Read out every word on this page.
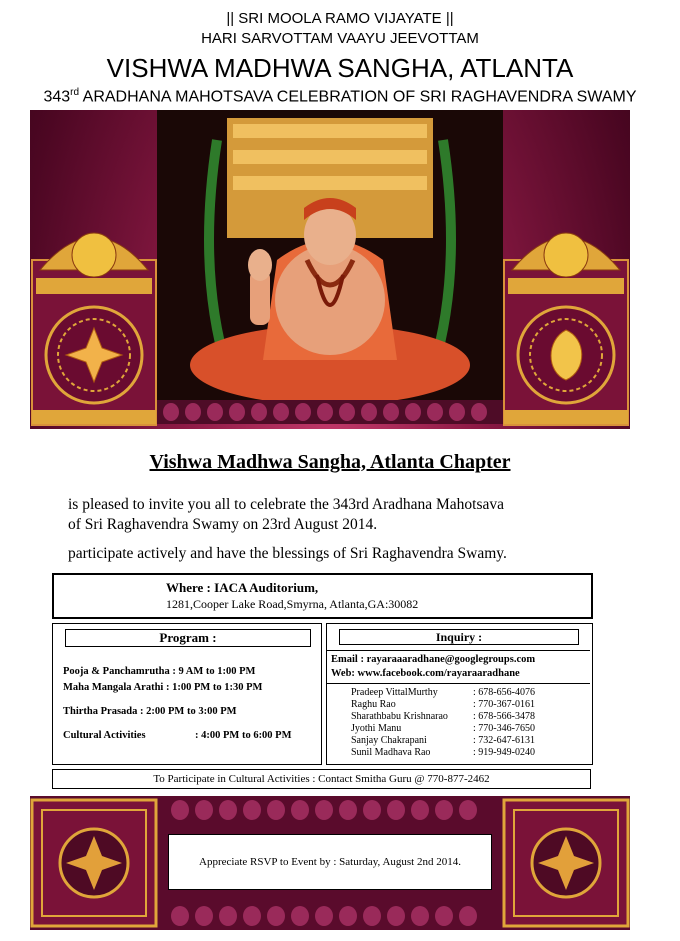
|| SRI MOOLA RAMO VIJAYATE ||
HARI SARVOTTAM VAAYU JEEVOTTAM
VISHWA MADHWA SANGHA, ATLANTA
343rd ARADHANA MAHOTSAVA CELEBRATION OF SRI RAGHAVENDRA SWAMY
Vishwa Madhwa Sangha, Atlanta Chapter
is pleased to invite you all to celebrate the 343rd Aradhana Mahotsava
of Sri Raghavendra Swamy on 23rd August 2014.
participate actively and have the blessings of Sri Raghavendra Swamy.
Where : IACA Auditorium,
1281,Cooper Lake Road,Smyrna, Atlanta,GA:30082
Program :
Pooja & Panchamrutha : 9 AM to 1:00 PM
Maha Mangala Arathi : 1:00 PM to 1:30 PM
Thirtha Prasada : 2:00 PM to 3:00 PM
Cultural Activities	: 4:00 PM to 6:00 PM
Inquiry :
Email : rayaraaaradhane@googlegroups.com
Web: www.facebook.com/rayaraaradhane
Pradeep VittalMurthy	: 678-656-4076
Raghu Rao	: 770-367-0161
Sharathbabu Krishnarao	: 678-566-3478
Jyothi Manu	: 770-346-7650
Sanjay Chakrapani	: 732-647-6131
Sunil Madhava Rao	: 919-949-0240
To Participate in Cultural Activities : Contact Smitha Guru @ 770-877-2462
Appreciate RSVP to Event by : Saturday, August 2nd 2014.
